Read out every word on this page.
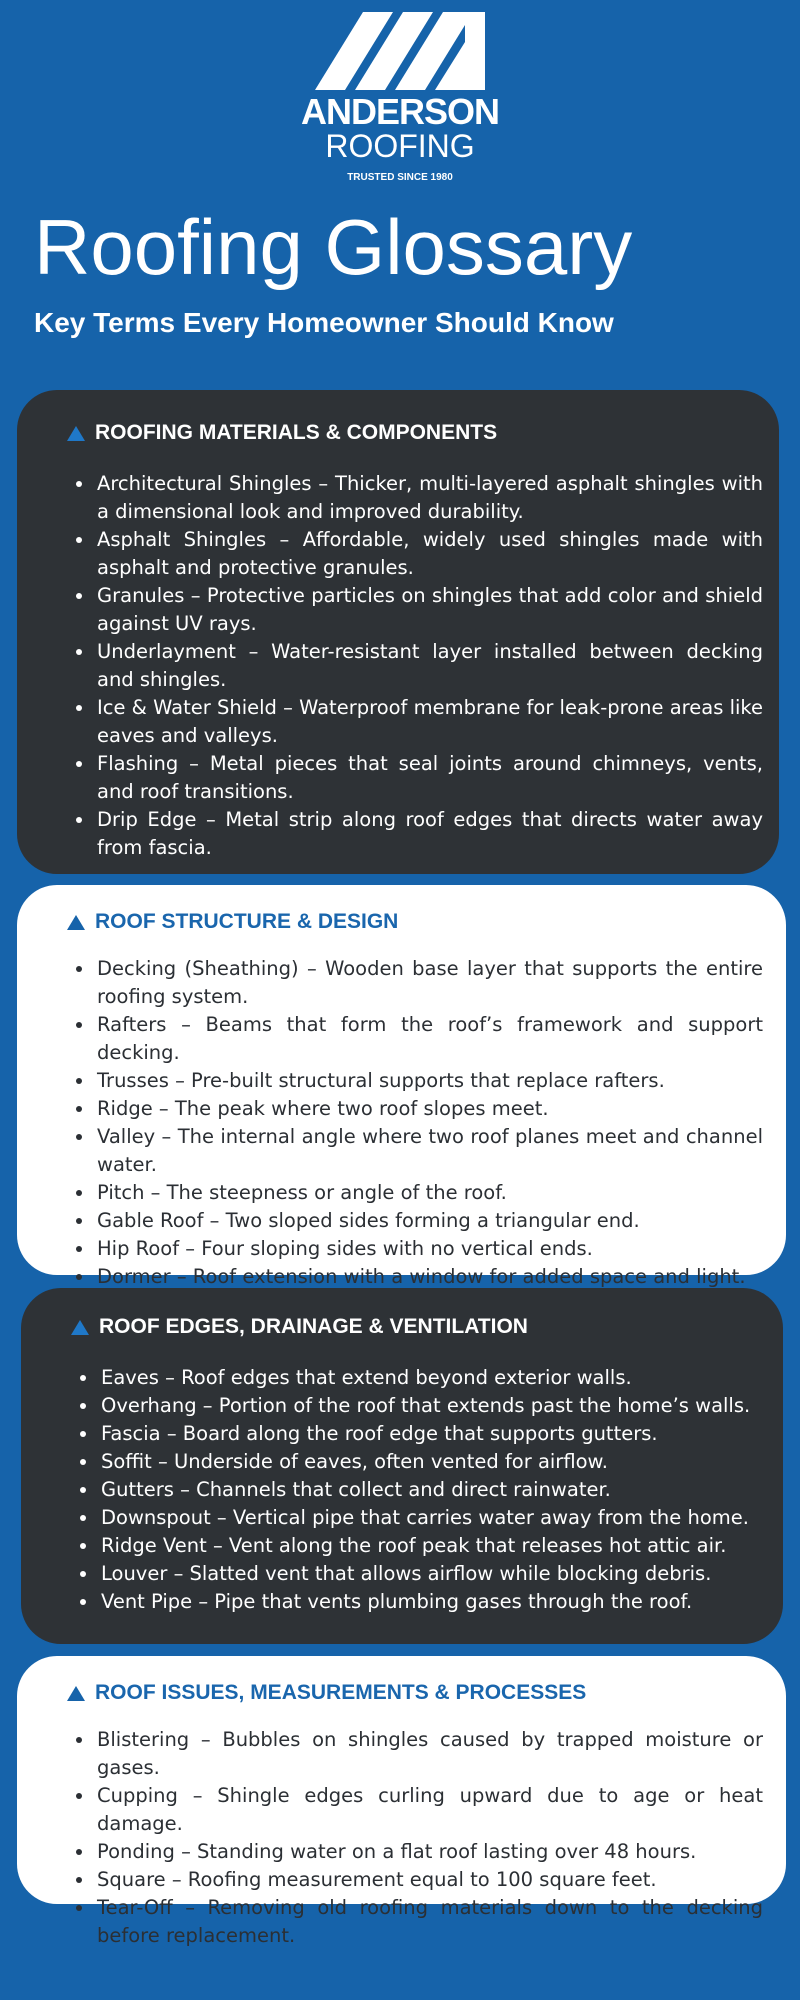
ANDERSON
ROOFING
TRUSTED SINCE 1980
Roofing Glossary
Key Terms Every Homeowner Should Know
ROOFING MATERIALS & COMPONENTS
• Architectural Shingles – Thicker, multi-layered asphalt shingles with a dimensional look and improved durability.
• Asphalt Shingles – Affordable, widely used shingles made with asphalt and protective granules.
• Granules – Protective particles on shingles that add color and shield against UV rays.
• Underlayment – Water-resistant layer installed between decking and shingles.
• Ice & Water Shield – Waterproof membrane for leak-prone areas like eaves and valleys.
• Flashing – Metal pieces that seal joints around chimneys, vents, and roof transitions.
• Drip Edge – Metal strip along roof edges that directs water away from fascia.
ROOF STRUCTURE & DESIGN
• Decking (Sheathing) – Wooden base layer that supports the entire roofing system.
• Rafters – Beams that form the roof’s framework and support decking.
• Trusses – Pre-built structural supports that replace rafters.
• Ridge – The peak where two roof slopes meet.
• Valley – The internal angle where two roof planes meet and channel water.
• Pitch – The steepness or angle of the roof.
• Gable Roof – Two sloped sides forming a triangular end.
• Hip Roof – Four sloping sides with no vertical ends.
• Dormer – Roof extension with a window for added space and light.
ROOF EDGES, DRAINAGE & VENTILATION
• Eaves – Roof edges that extend beyond exterior walls.
• Overhang – Portion of the roof that extends past the home’s walls.
• Fascia – Board along the roof edge that supports gutters.
• Soffit – Underside of eaves, often vented for airflow.
• Gutters – Channels that collect and direct rainwater.
• Downspout – Vertical pipe that carries water away from the home.
• Ridge Vent – Vent along the roof peak that releases hot attic air.
• Louver – Slatted vent that allows airflow while blocking debris.
• Vent Pipe – Pipe that vents plumbing gases through the roof.
ROOF ISSUES, MEASUREMENTS & PROCESSES
• Blistering – Bubbles on shingles caused by trapped moisture or gases.
• Cupping – Shingle edges curling upward due to age or heat damage.
• Ponding – Standing water on a flat roof lasting over 48 hours.
• Square – Roofing measurement equal to 100 square feet.
• Tear-Off – Removing old roofing materials down to the decking before replacement.
